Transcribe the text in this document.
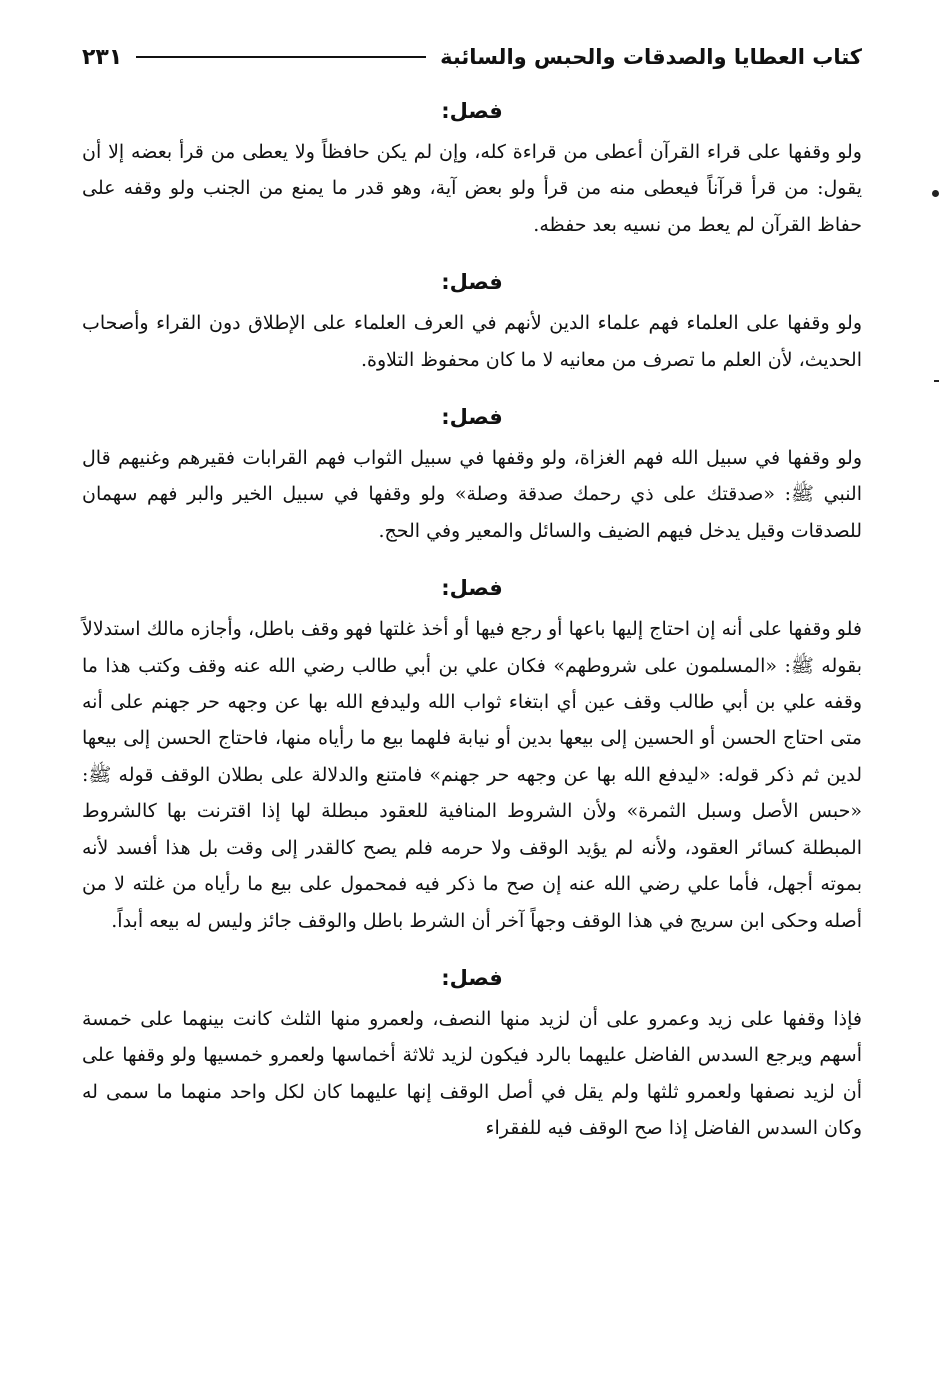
كتاب العطايا والصدقات والحبس والسائبة
٢٣١
فصل:

ولو وقفها على قراء القرآن أعطى من قراءة كله، وإن لم يكن حافظاً ولا يعطى من قرأ بعضه إلا أن يقول: من قرأ قرآناً فيعطى منه من قرأ ولو بعض آية، وهو قدر ما يمنع من الجنب ولو وقفه على حفاظ القرآن لم يعط من نسيه بعد حفظه.

فصل:

ولو وقفها على العلماء فهم علماء الدين لأنهم في العرف العلماء على الإطلاق دون القراء وأصحاب الحديث، لأن العلم ما تصرف من معانيه لا ما كان محفوظ التلاوة.

فصل:

ولو وقفها في سبيل الله فهم الغزاة، ولو وقفها في سبيل الثواب فهم القرابات فقيرهم وغنيهم قال النبي ﷺ: «صدقتك على ذي رحمك صدقة وصلة» ولو وقفها في سبيل الخير والبر فهم سهمان للصدقات وقيل يدخل فيهم الضيف والسائل والمعير وفي الحج.

فصل:

فلو وقفها على أنه إن احتاج إليها باعها أو رجع فيها أو أخذ غلتها فهو وقف باطل، وأجازه مالك استدلالاً بقوله ﷺ: «المسلمون على شروطهم» فكان علي بن أبي طالب رضي الله عنه وقف وكتب هذا ما وقفه علي بن أبي طالب وقف عين أي ابتغاء ثواب الله وليدفع الله بها عن وجهه حر جهنم على أنه متى احتاج الحسن أو الحسين إلى بيعها بدين أو نيابة فلهما بيع ما رأياه منها، فاحتاج الحسن إلى بيعها لدين ثم ذكر قوله: «ليدفع الله بها عن وجهه حر جهنم» فامتنع والدلالة على بطلان الوقف قوله ﷺ: «حبس الأصل وسبل الثمرة» ولأن الشروط المنافية للعقود مبطلة لها إذا اقترنت بها كالشروط المبطلة كسائر العقود، ولأنه لم يؤيد الوقف ولا حرمه فلم يصح كالقدر إلى وقت بل هذا أفسد لأنه بموته أجهل، فأما علي رضي الله عنه إن صح ما ذكر فيه فمحمول على بيع ما رأياه من غلته لا من أصله وحكى ابن سريج في هذا الوقف وجهاً آخر أن الشرط باطل والوقف جائز وليس له بيعه أبداً.

فصل:

فإذا وقفها على زيد وعمرو على أن لزيد منها النصف، ولعمرو منها الثلث كانت بينهما على خمسة أسهم ويرجع السدس الفاضل عليهما بالرد فيكون لزيد ثلاثة أخماسها ولعمرو خمسيها ولو وقفها على أن لزيد نصفها ولعمرو ثلثها ولم يقل في أصل الوقف إنها عليهما كان لكل واحد منهما ما سمى له وكان السدس الفاضل إذا صح الوقف فيه للفقراء
